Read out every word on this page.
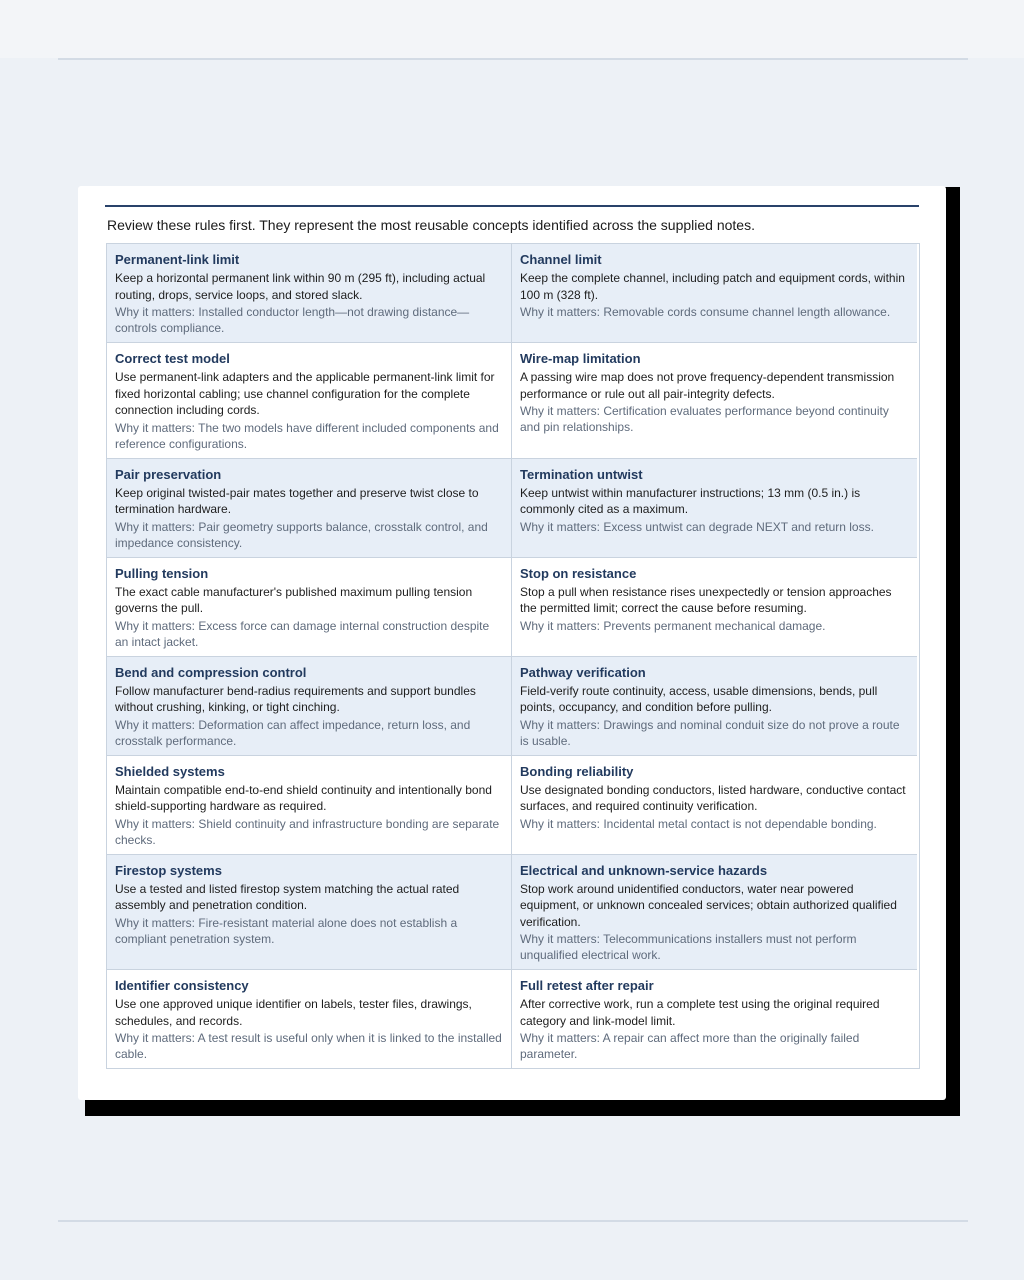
Review these rules first. They represent the most reusable concepts identified across the supplied notes.
Permanent-link limit

Keep a horizontal permanent link within 90 m (295 ft), including actual routing, drops, service loops, and stored slack.

Why it matters: Installed conductor length—not drawing distance—controls compliance.

Channel limit

Keep the complete channel, including patch and equipment cords, within 100 m (328 ft).

Why it matters: Removable cords consume channel length allowance.

Correct test model

Use permanent-link adapters and the applicable permanent-link limit for fixed horizontal cabling; use channel configuration for the complete connection including cords.

Why it matters: The two models have different included components and reference configurations.

Wire-map limitation

A passing wire map does not prove frequency-dependent transmission performance or rule out all pair-integrity defects.

Why it matters: Certification evaluates performance beyond continuity and pin relationships.

Pair preservation

Keep original twisted-pair mates together and preserve twist close to termination hardware.

Why it matters: Pair geometry supports balance, crosstalk control, and impedance consistency.

Termination untwist

Keep untwist within manufacturer instructions; 13 mm (0.5 in.) is commonly cited as a maximum.

Why it matters: Excess untwist can degrade NEXT and return loss.

Pulling tension

The exact cable manufacturer's published maximum pulling tension governs the pull.

Why it matters: Excess force can damage internal construction despite an intact jacket.

Stop on resistance

Stop a pull when resistance rises unexpectedly or tension approaches the permitted limit; correct the cause before resuming.

Why it matters: Prevents permanent mechanical damage.

Bend and compression control

Follow manufacturer bend-radius requirements and support bundles without crushing, kinking, or tight cinching.

Why it matters: Deformation can affect impedance, return loss, and crosstalk performance.

Pathway verification

Field-verify route continuity, access, usable dimensions, bends, pull points, occupancy, and condition before pulling.

Why it matters: Drawings and nominal conduit size do not prove a route is usable.

Shielded systems

Maintain compatible end-to-end shield continuity and intentionally bond shield-supporting hardware as required.

Why it matters: Shield continuity and infrastructure bonding are separate checks.

Bonding reliability

Use designated bonding conductors, listed hardware, conductive contact surfaces, and required continuity verification.

Why it matters: Incidental metal contact is not dependable bonding.

Firestop systems

Use a tested and listed firestop system matching the actual rated assembly and penetration condition.

Why it matters: Fire-resistant material alone does not establish a compliant penetration system.

Electrical and unknown-service hazards

Stop work around unidentified conductors, water near powered equipment, or unknown concealed services; obtain authorized qualified verification.

Why it matters: Telecommunications installers must not perform unqualified electrical work.

Identifier consistency

Use one approved unique identifier on labels, tester files, drawings, schedules, and records.

Why it matters: A test result is useful only when it is linked to the installed cable.

Full retest after repair

After corrective work, run a complete test using the original required category and link-model limit.

Why it matters: A repair can affect more than the originally failed parameter.
